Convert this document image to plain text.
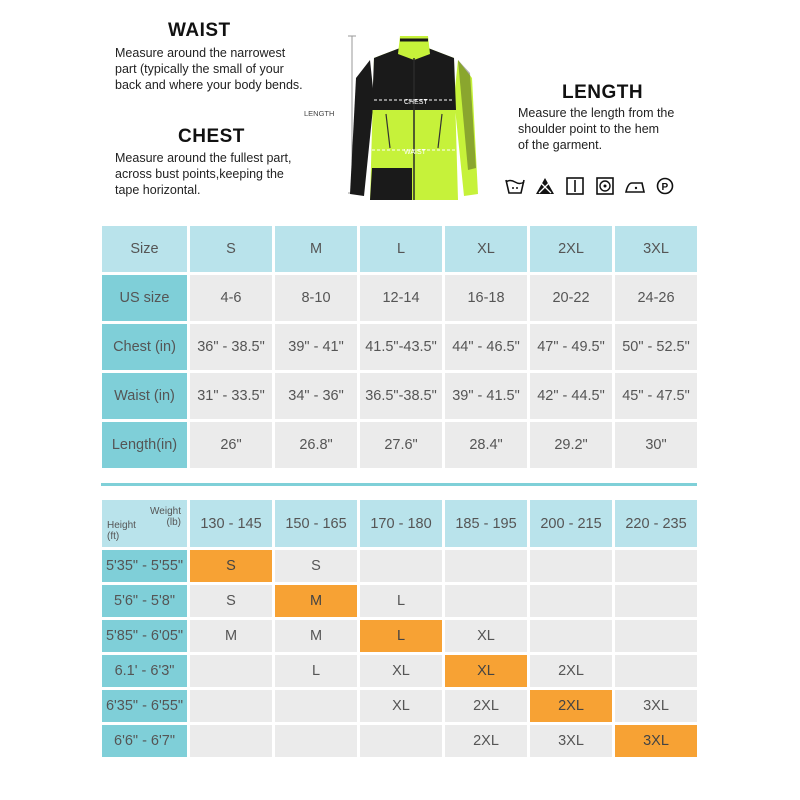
WAIST
Measure around the narrowest
part (typically the small of your
back and where your body bends.
CHEST
Measure around the fullest part,
across bust points,keeping the
tape horizontal.
LENGTH
Measure the length from the
shoulder point to the hem
of the garment.
LENGTH
CHEST
WAIST
P
Size	S	M	L	XL	2XL	3XL
US size	4-6	8-10	12-14	16-18	20-22	24-26
Chest (in)	36" - 38.5"	39" - 41"	41.5"-43.5"	44" - 46.5"	47" - 49.5"	50" - 52.5"
Waist (in)	31" - 33.5"	34" - 36"	36.5"-38.5"	39" - 41.5"	42" - 44.5"	45" - 47.5"
Length(in)	26"	26.8"	27.6"	28.4"	29.2"	30"
Weight
(lb)
Height
(ft)	130 - 145	150 - 165	170 - 180	185 - 195	200 - 215	220 - 235
5'35" - 5'55"	S	S				
5'6" - 5'8"	S	M	L			
5'85" - 6'05"	M	M	L	XL		
6.1' - 6'3"		L	XL	XL	2XL	
6'35" - 6'55"			XL	2XL	2XL	3XL
6'6" - 6'7"				2XL	3XL	3XL
